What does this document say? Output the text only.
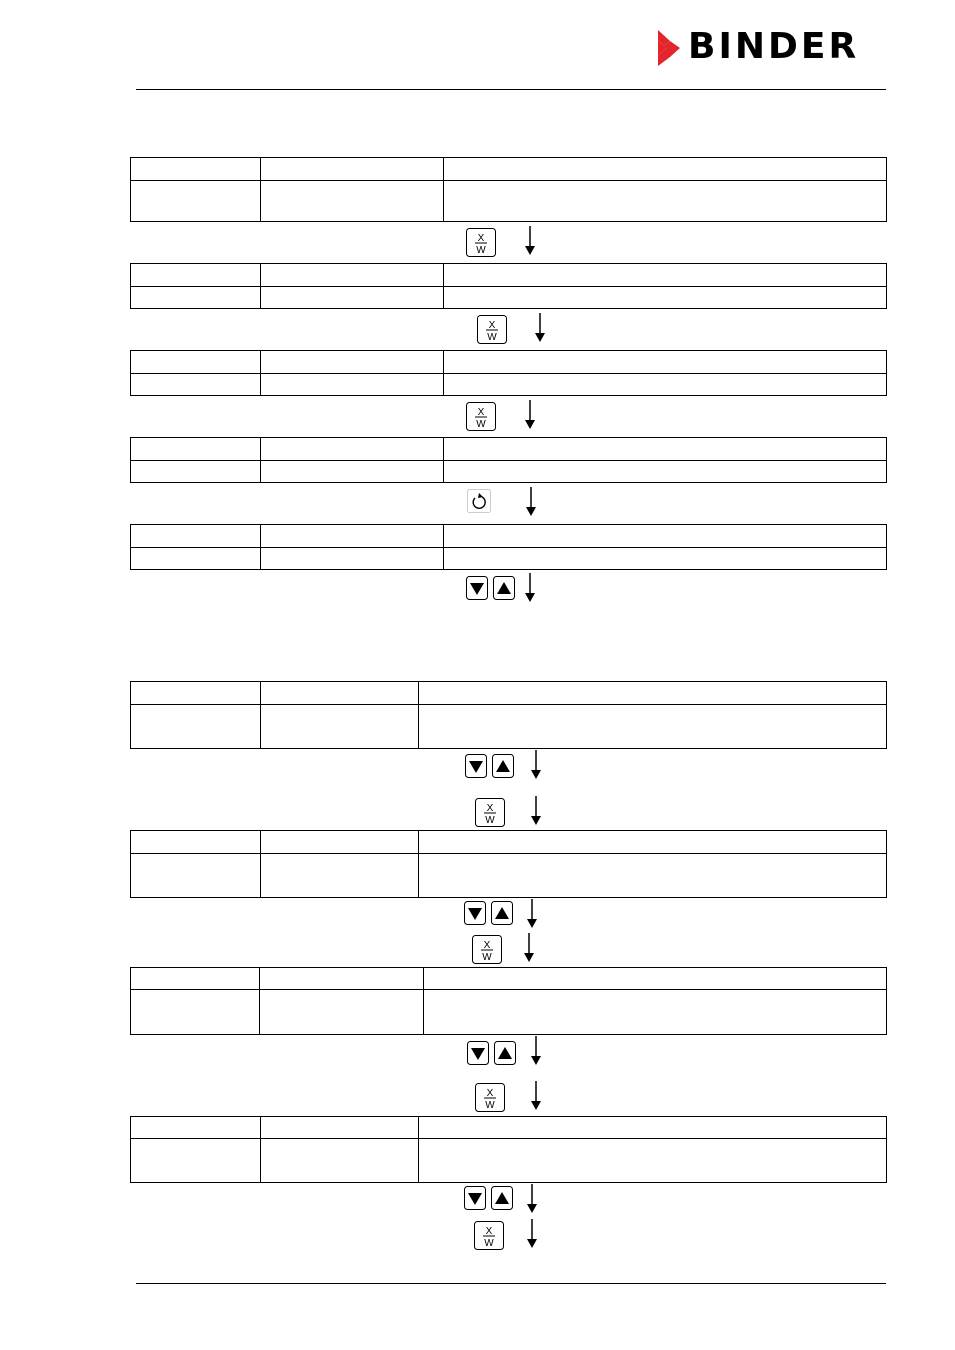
BINDER

X
W

X
W

X
W

X
W

X
W

X
W

X
W
